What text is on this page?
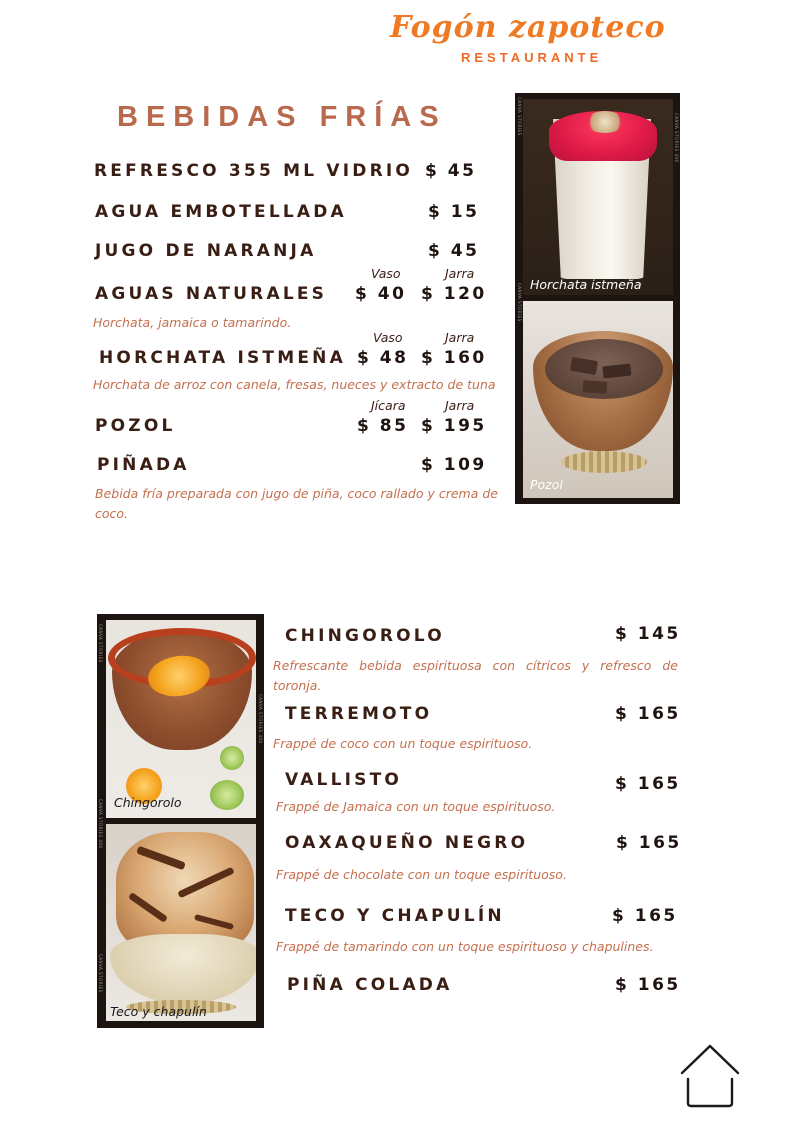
Fogón zapoteco
RESTAURANTE
BEBIDAS FRÍAS
REFRESCO 355 ML VIDRIO $ 45
AGUA EMBOTELLADA	$ 15
JUGO DE NARANJA	$ 45
Vaso	Jarra
AGUAS NATURALES $ 40 $ 120
Horchata, jamaica o tamarindo.
Vaso	Jarra
HORCHATA ISTMEÑA $ 48 $ 160
Horchata de arroz con canela, fresas, nueces y extracto de tuna
Jícara	Jarra
POZOL	$ 85 $ 195
PIÑADA	$ 109
Bebida fría preparada con jugo de piña, coco rallado y crema de coco.
CANVA STORIES	CANVA STORIES 400
CANVA STORIES Horchata istmeña
Pozol
CANVA STORIES
CANVA STORIES 400
CANVA STORIES 400
CANVA STORIES
Chingorolo
Teco y chapulín
CHINGOROLO	$ 145
Refrescante bebida espirituosa con cítricos y refresco de toronja.
TERREMOTO	$ 165
Frappé de coco con un toque espirituoso.
VALLISTO	$ 165
Frappé de Jamaica con un toque espirituoso.
OAXAQUEÑO NEGRO	$ 165
Frappé de chocolate con un toque espirituoso.
TECO Y CHAPULÍN	$ 165
Frappé de tamarindo con un toque espirituoso y chapulines.
PIÑA COLADA	$ 165
